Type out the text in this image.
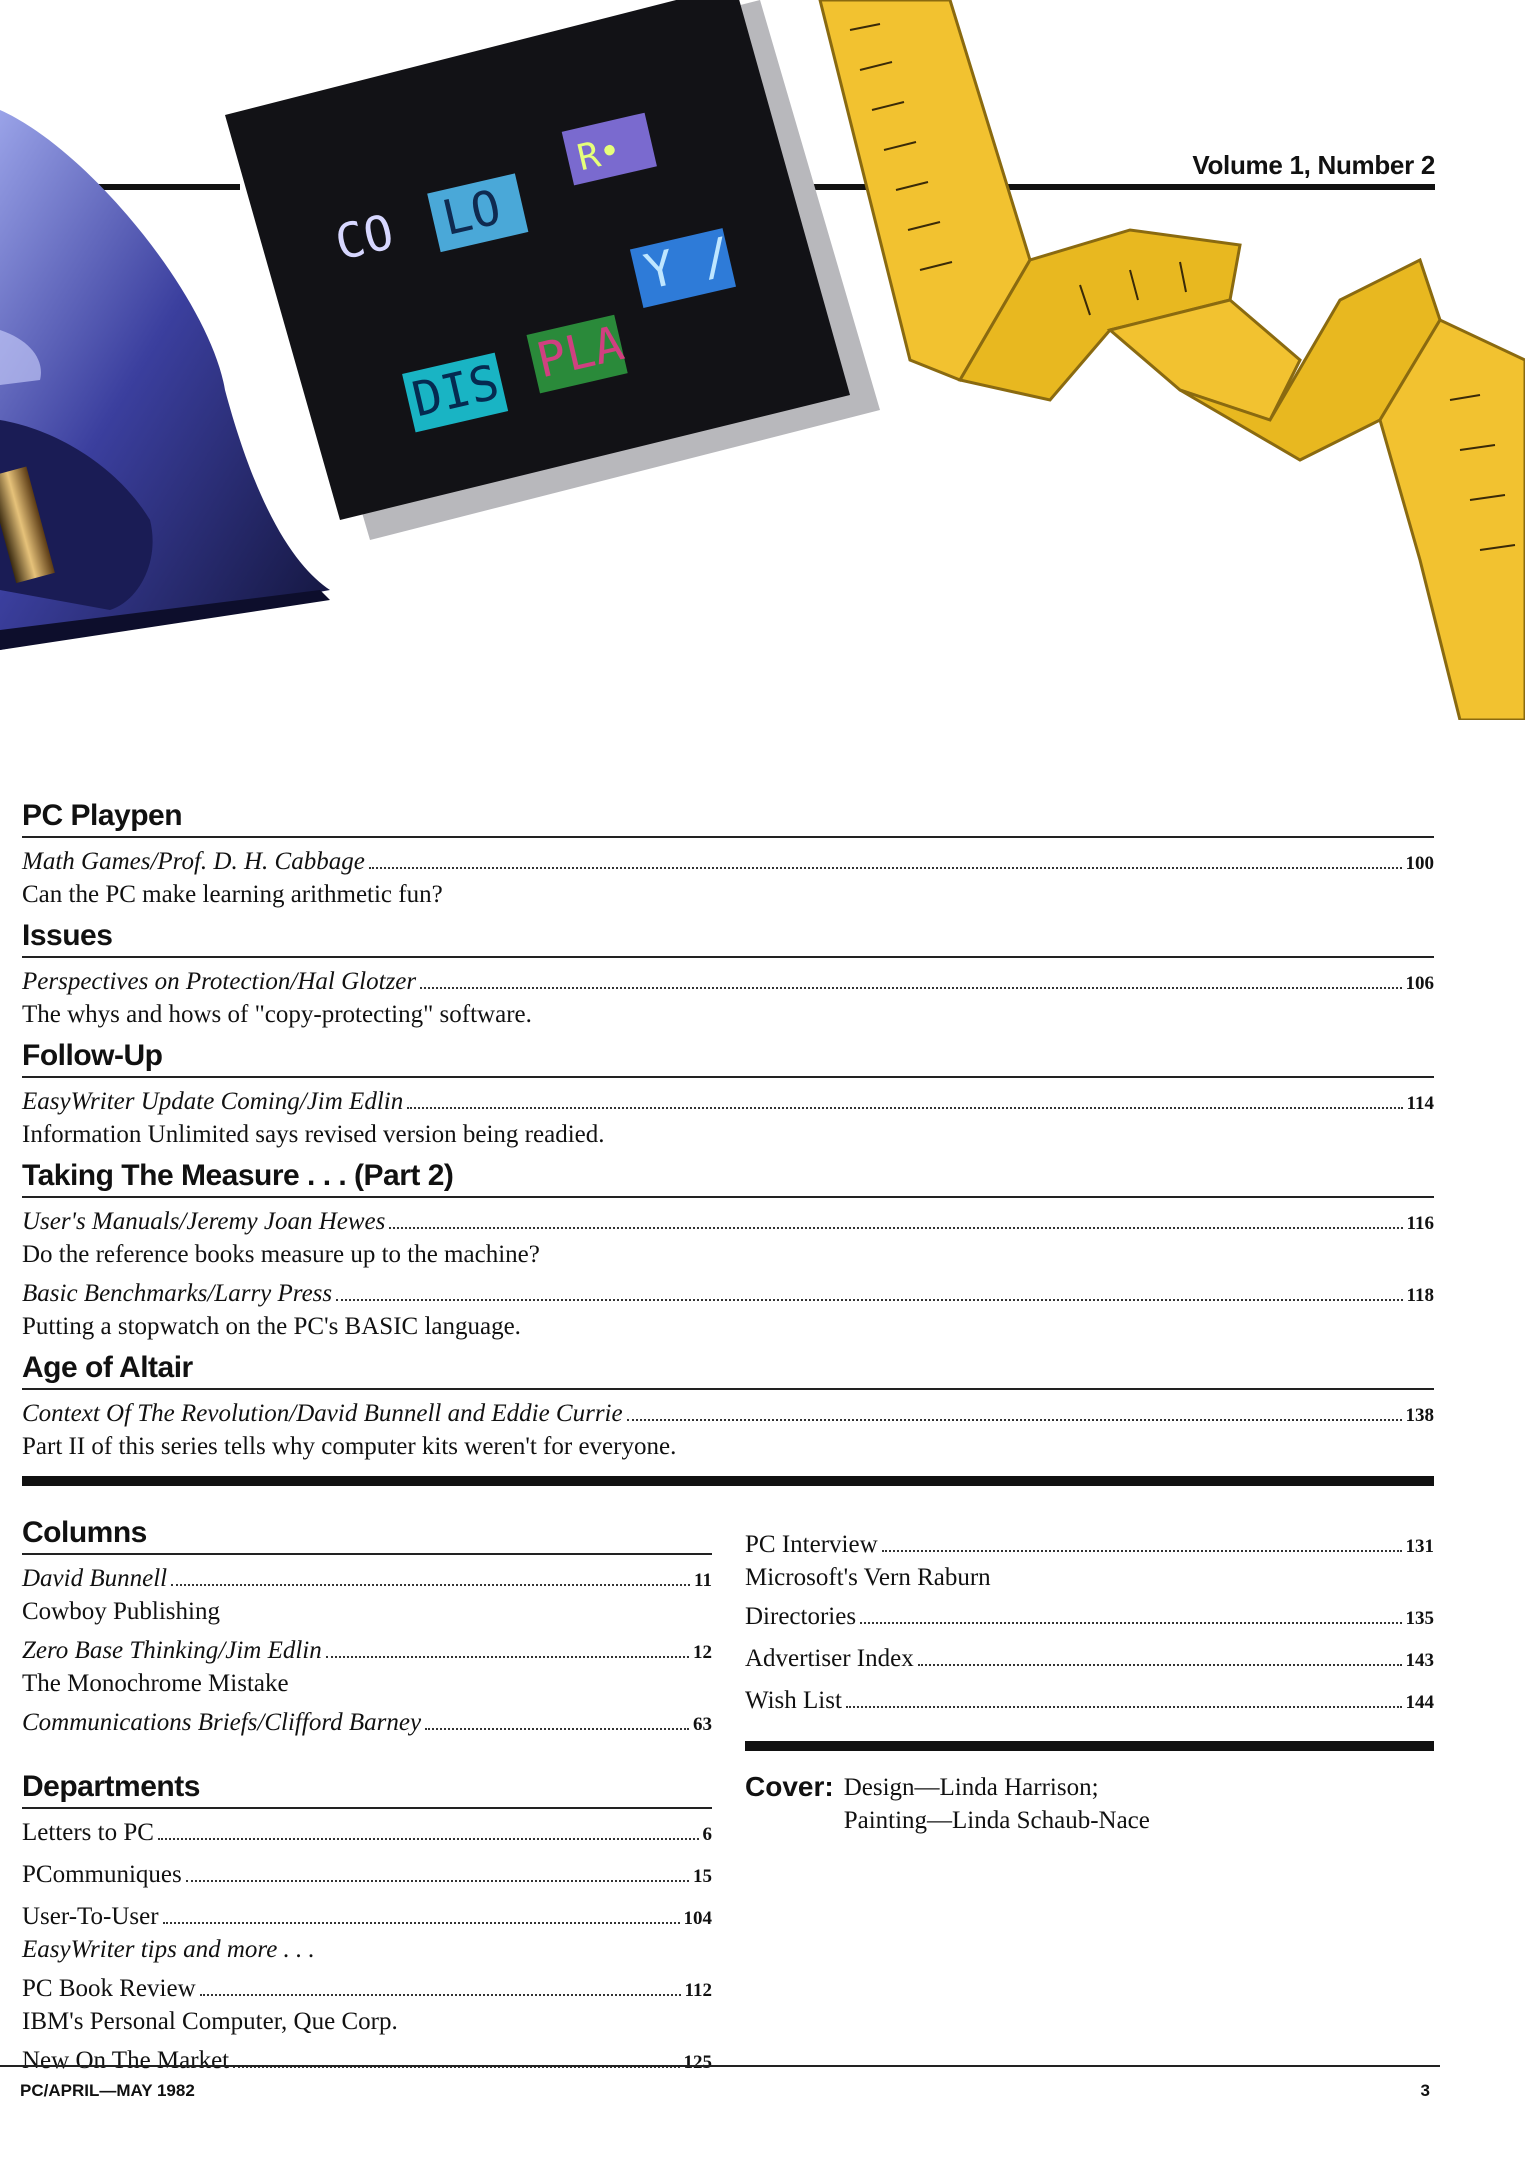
CO LO
R•
Y /
DIS
PLA
Volume 1, Number 2
PC Playpen
Math Games/Prof. D. H. Cabbage	100
Can the PC make learning arithmetic fun?
Issues
Perspectives on Protection/Hal Glotzer	106
The whys and hows of "copy-protecting" software.
Follow-Up
EasyWriter Update Coming/Jim Edlin	114
Information Unlimited says revised version being readied.
Taking The Measure . . . (Part 2)
User's Manuals/Jeremy Joan Hewes	116
Do the reference books measure up to the machine?
Basic Benchmarks/Larry Press	118
Putting a stopwatch on the PC's BASIC language.
Age of Altair
Context Of The Revolution/David Bunnell and Eddie Currie	138
Part II of this series tells why computer kits weren't for everyone.
Columns
David Bunnell	11
Cowboy Publishing
Zero Base Thinking/Jim Edlin	12
The Monochrome Mistake
Communications Briefs/Clifford Barney	63
Departments
Letters to PC	6
PCommuniques	15
User-To-User	104
EasyWriter tips and more . . .
PC Book Review	112
IBM's Personal Computer, Que Corp.
New On The Market	125
PC Interview	131
Microsoft's Vern Raburn
Directories	135
Advertiser Index	143
Wish List	144
Cover: Design—Linda Harrison;
Painting—Linda Schaub-Nace
PC/APRIL—MAY 1982	3
